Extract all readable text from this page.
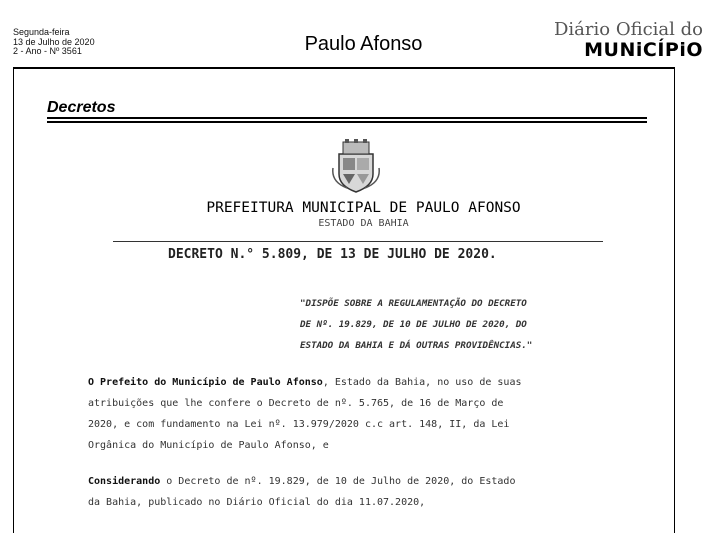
Segunda-feira
13 de Julho de 2020
2 - Ano - Nº 3561	Paulo Afonso
Diário Oficial do
MUNiCÍPiO
Decretos
PREFEITURA MUNICIPAL DE PAULO AFONSO
ESTADO DA BAHIA
DECRETO N.° 5.809, DE 13 DE JULHO DE 2020.
"DISPÕE SOBRE A REGULAMENTAÇÃO DO DECRETO
DE Nº. 19.829, DE 10 DE JULHO DE 2020, DO
ESTADO DA BAHIA E DÁ OUTRAS PROVIDÊNCIAS."
O Prefeito do Município de Paulo Afonso, Estado da Bahia, no uso de suas
atribuições que lhe confere o Decreto de nº. 5.765, de 16 de Março de
2020, e com fundamento na Lei nº. 13.979/2020 c.c art. 148, II, da Lei
Orgânica do Município de Paulo Afonso, e
Considerando o Decreto de nº. 19.829, de 10 de Julho de 2020, do Estado
da Bahia, publicado no Diário Oficial do dia 11.07.2020,
